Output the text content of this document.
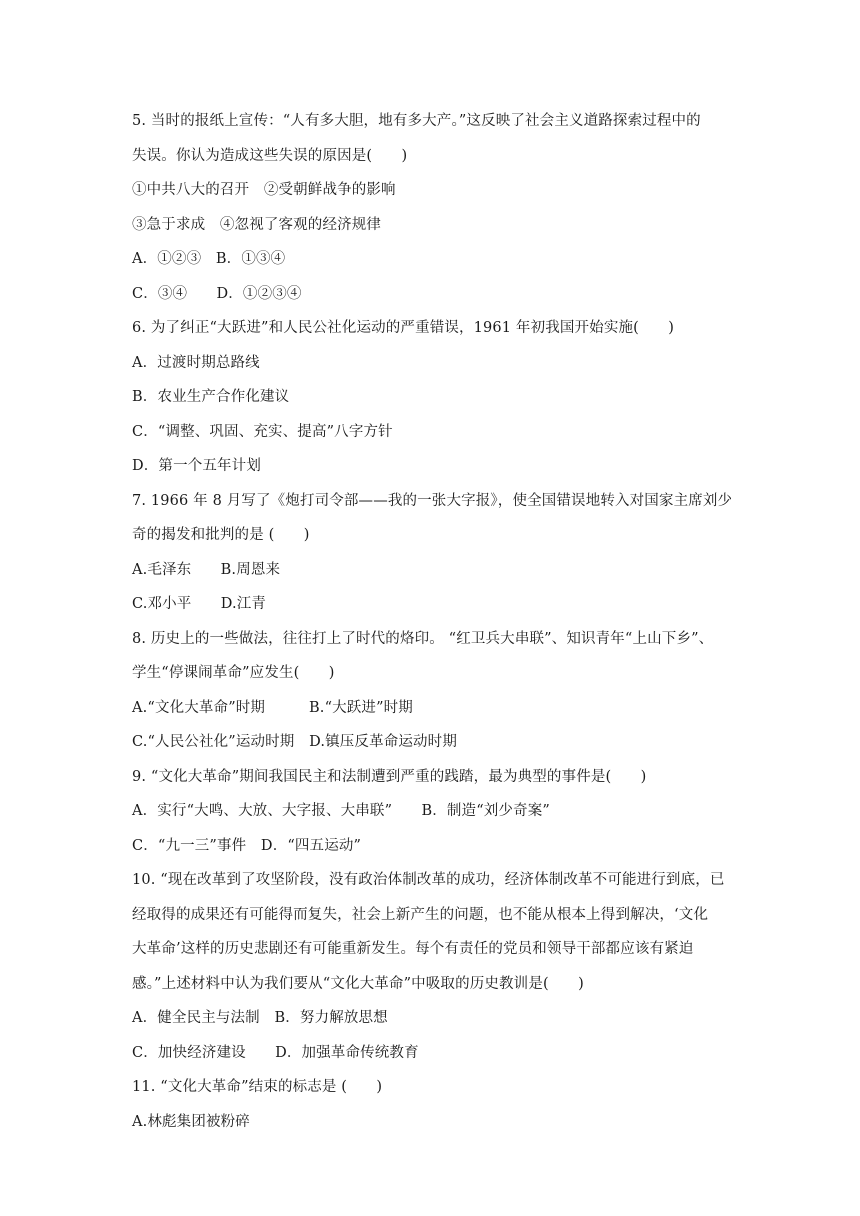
5. 当时的报纸上宣传：“人有多大胆，地有多大产。”这反映了社会主义道路探索过程中的
失误。你认为造成这些失误的原因是(　　)
①中共八大的召开　②受朝鲜战争的影响
③急于求成　④忽视了客观的经济规律
A．①②③　B．①③④
C．③④　　D．①②③④
6. 为了纠正“大跃进”和人民公社化运动的严重错误，1961 年初我国开始实施(　　)
A．过渡时期总路线
B．农业生产合作化建议
C．“调整、巩固、充实、提高”八字方针
D．第一个五年计划
7. 1966 年 8 月写了《炮打司令部——我的一张大字报》，使全国错误地转入对国家主席刘少
奇的揭发和批判的是 (　　)
A.毛泽东　　B.周恩来
C.邓小平　　D.江青
8. 历史上的一些做法，往往打上了时代的烙印。 “红卫兵大串联”、知识青年“上山下乡”、
学生“停课闹革命”应发生(　　)
A.“文化大革命”时期　　　B.“大跃进”时期
C.“人民公社化”运动时期　D.镇压反革命运动时期
9. “文化大革命”期间我国民主和法制遭到严重的践踏，最为典型的事件是(　　)
A．实行“大鸣、大放、大字报、大串联”　　B．制造“刘少奇案”
C．“九一三”事件　D．“四五运动”
10. “现在改革到了攻坚阶段，没有政治体制改革的成功，经济体制改革不可能进行到底，已
经取得的成果还有可能得而复失，社会上新产生的问题，也不能从根本上得到解决，‘文化
大革命’这样的历史悲剧还有可能重新发生。每个有责任的党员和领导干部都应该有紧迫
感。”上述材料中认为我们要从“文化大革命”中吸取的历史教训是(　　)
A．健全民主与法制　B．努力解放思想
C．加快经济建设　　D．加强革命传统教育
11. “文化大革命”结束的标志是 (　　)
A.林彪集团被粉碎
